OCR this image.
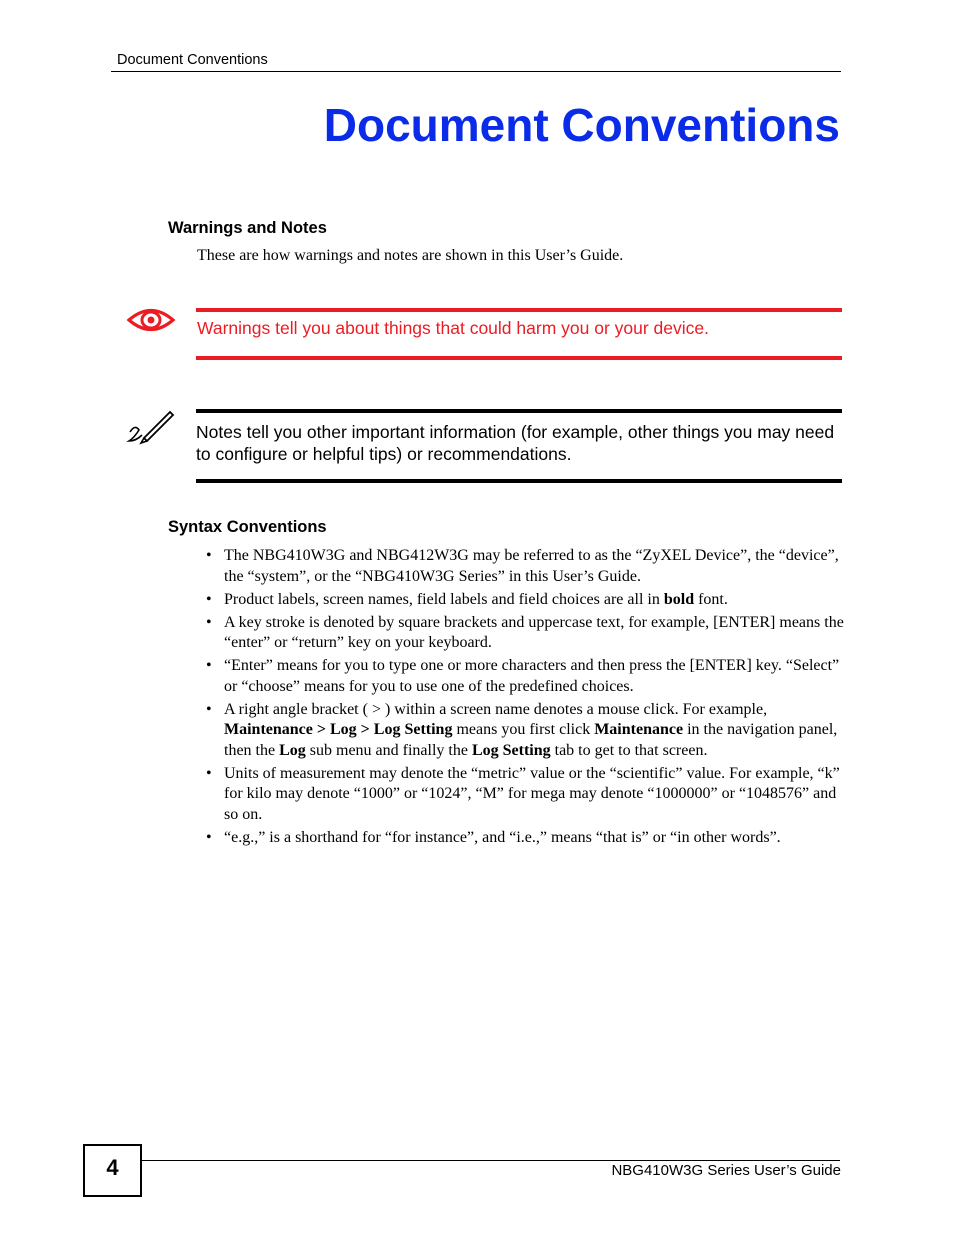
Document Conventions
Document Conventions
Warnings and Notes
These are how warnings and notes are shown in this User’s Guide.
Warnings tell you about things that could harm you or your device.
Notes tell you other important information (for example, other things you may need to configure or helpful tips) or recommendations.
Syntax Conventions
• The NBG410W3G and NBG412W3G may be referred to as the “ZyXEL Device”, the “device”, the “system”, or the “NBG410W3G Series” in this User’s Guide.
• Product labels, screen names, field labels and field choices are all in bold font.
• A key stroke is denoted by square brackets and uppercase text, for example, [ENTER] means the “enter” or “return” key on your keyboard.
• “Enter” means for you to type one or more characters and then press the [ENTER] key. “Select” or “choose” means for you to use one of the predefined choices.
• A right angle bracket ( > ) within a screen name denotes a mouse click. For example, Maintenance > Log > Log Setting means you first click Maintenance in the navigation panel, then the Log sub menu and finally the Log Setting tab to get to that screen.
• Units of measurement may denote the “metric” value or the “scientific” value. For example, “k” for kilo may denote “1000” or “1024”, “M” for mega may denote “1000000” or “1048576” and so on.
• “e.g.,” is a shorthand for “for instance”, and “i.e.,” means “that is” or “in other words”.
4	NBG410W3G Series User’s Guide
